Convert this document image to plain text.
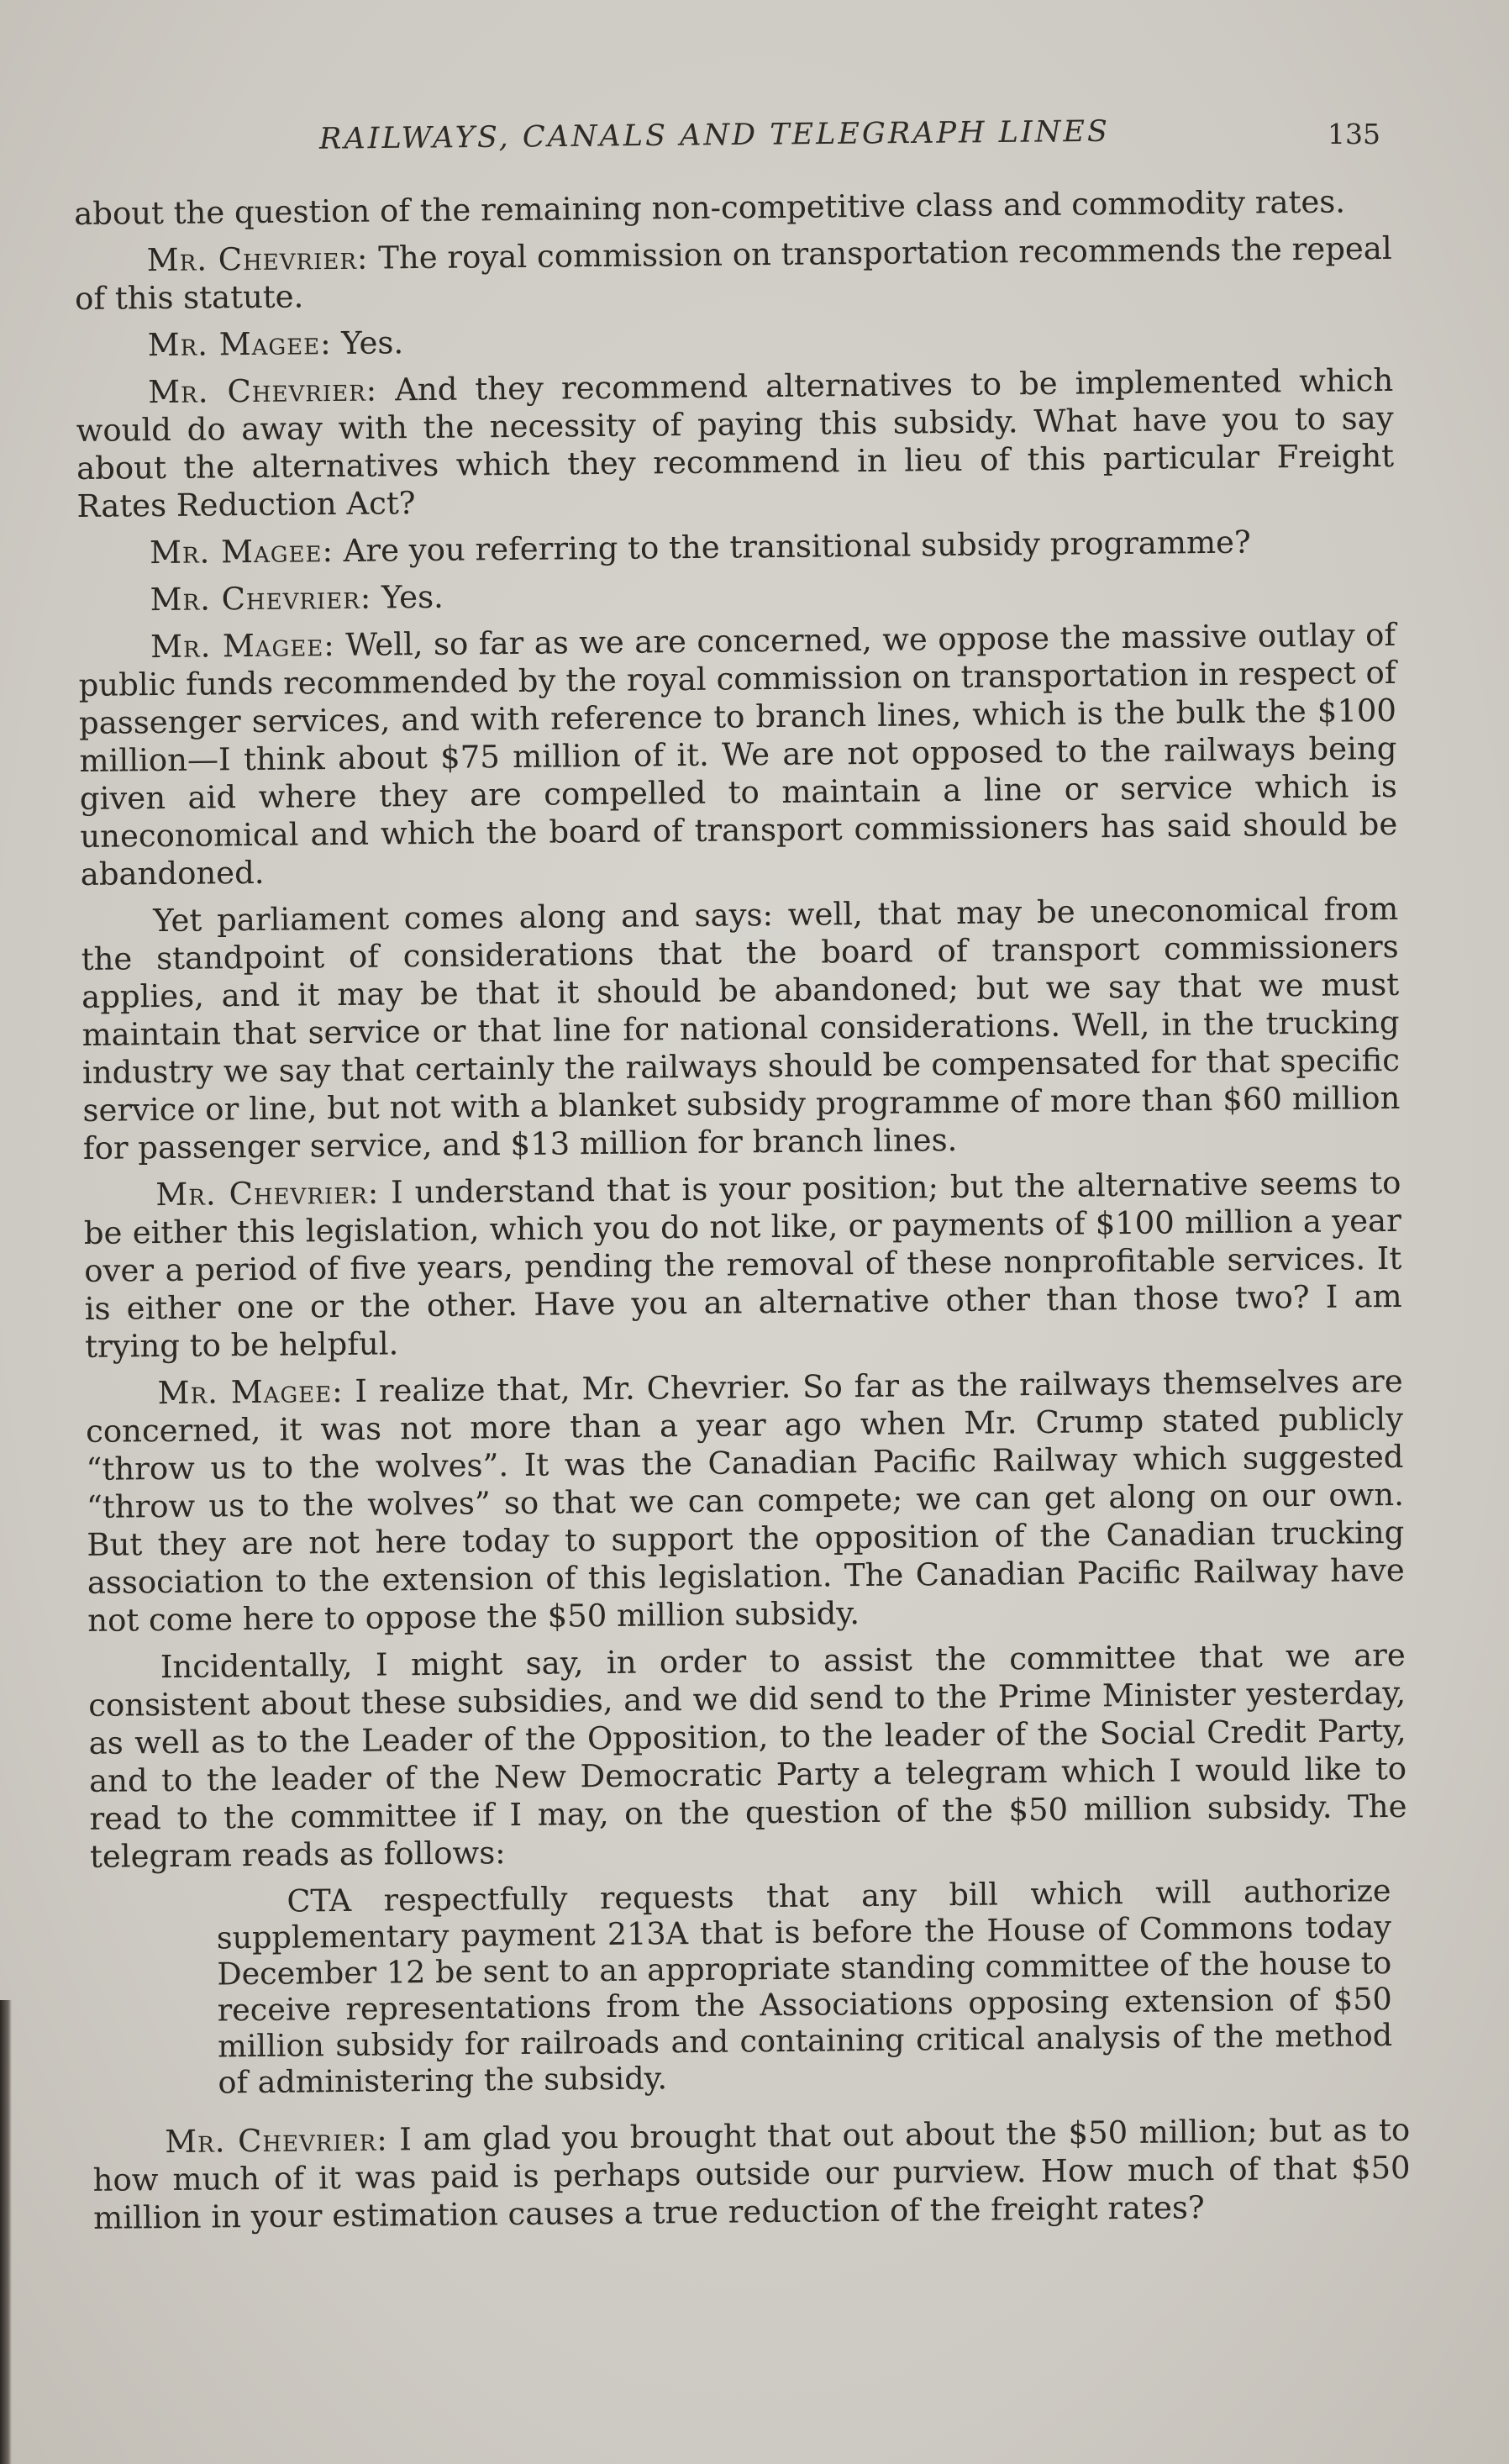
RAILWAYS, CANALS AND TELEGRAPH LINES	135

about the question of the remaining non-competitive class and commodity rates.

Mr. Chevrier: The royal commission on transportation recommends the repeal of this statute.

Mr. Magee: Yes.

Mr. Chevrier: And they recommend alternatives to be implemented which would do away with the necessity of paying this subsidy. What have you to say about the alternatives which they recommend in lieu of this particular Freight Rates Reduction Act?

Mr. Magee: Are you referring to the transitional subsidy programme?

Mr. Chevrier: Yes.

Mr. Magee: Well, so far as we are concerned, we oppose the massive outlay of public funds recommended by the royal commission on transportation in respect of passenger services, and with reference to branch lines, which is the bulk the $100 million—I think about $75 million of it. We are not opposed to the railways being given aid where they are compelled to maintain a line or service which is uneconomical and which the board of transport commissioners has said should be abandoned.

Yet parliament comes along and says: well, that may be uneconomical from the standpoint of considerations that the board of transport commissioners applies, and it may be that it should be abandoned; but we say that we must maintain that service or that line for national considerations. Well, in the trucking industry we say that certainly the railways should be compensated for that specific service or line, but not with a blanket subsidy programme of more than $60 million for passenger service, and $13 million for branch lines.

Mr. Chevrier: I understand that is your position; but the alternative seems to be either this legislation, which you do not like, or payments of $100 million a year over a period of five years, pending the removal of these nonprofitable services. It is either one or the other. Have you an alternative other than those two? I am trying to be helpful.

Mr. Magee: I realize that, Mr. Chevrier. So far as the railways themselves are concerned, it was not more than a year ago when Mr. Crump stated publicly “throw us to the wolves”. It was the Canadian Pacific Railway which suggested “throw us to the wolves” so that we can compete; we can get along on our own. But they are not here today to support the opposition of the Canadian trucking association to the extension of this legislation. The Canadian Pacific Railway have not come here to oppose the $50 million subsidy.

Incidentally, I might say, in order to assist the committee that we are consistent about these subsidies, and we did send to the Prime Minister yesterday, as well as to the Leader of the Opposition, to the leader of the Social Credit Party, and to the leader of the New Democratic Party a telegram which I would like to read to the committee if I may, on the question of the $50 million subsidy. The telegram reads as follows:

CTA respectfully requests that any bill which will authorize supplementary payment 213A that is before the House of Commons today December 12 be sent to an appropriate standing committee of the house to receive representations from the Associations opposing extension of $50 million subsidy for railroads and containing critical analysis of the method of administering the subsidy.

Mr. Chevrier: I am glad you brought that out about the $50 million; but as to how much of it was paid is perhaps outside our purview. How much of that $50 million in your estimation causes a true reduction of the freight rates?
